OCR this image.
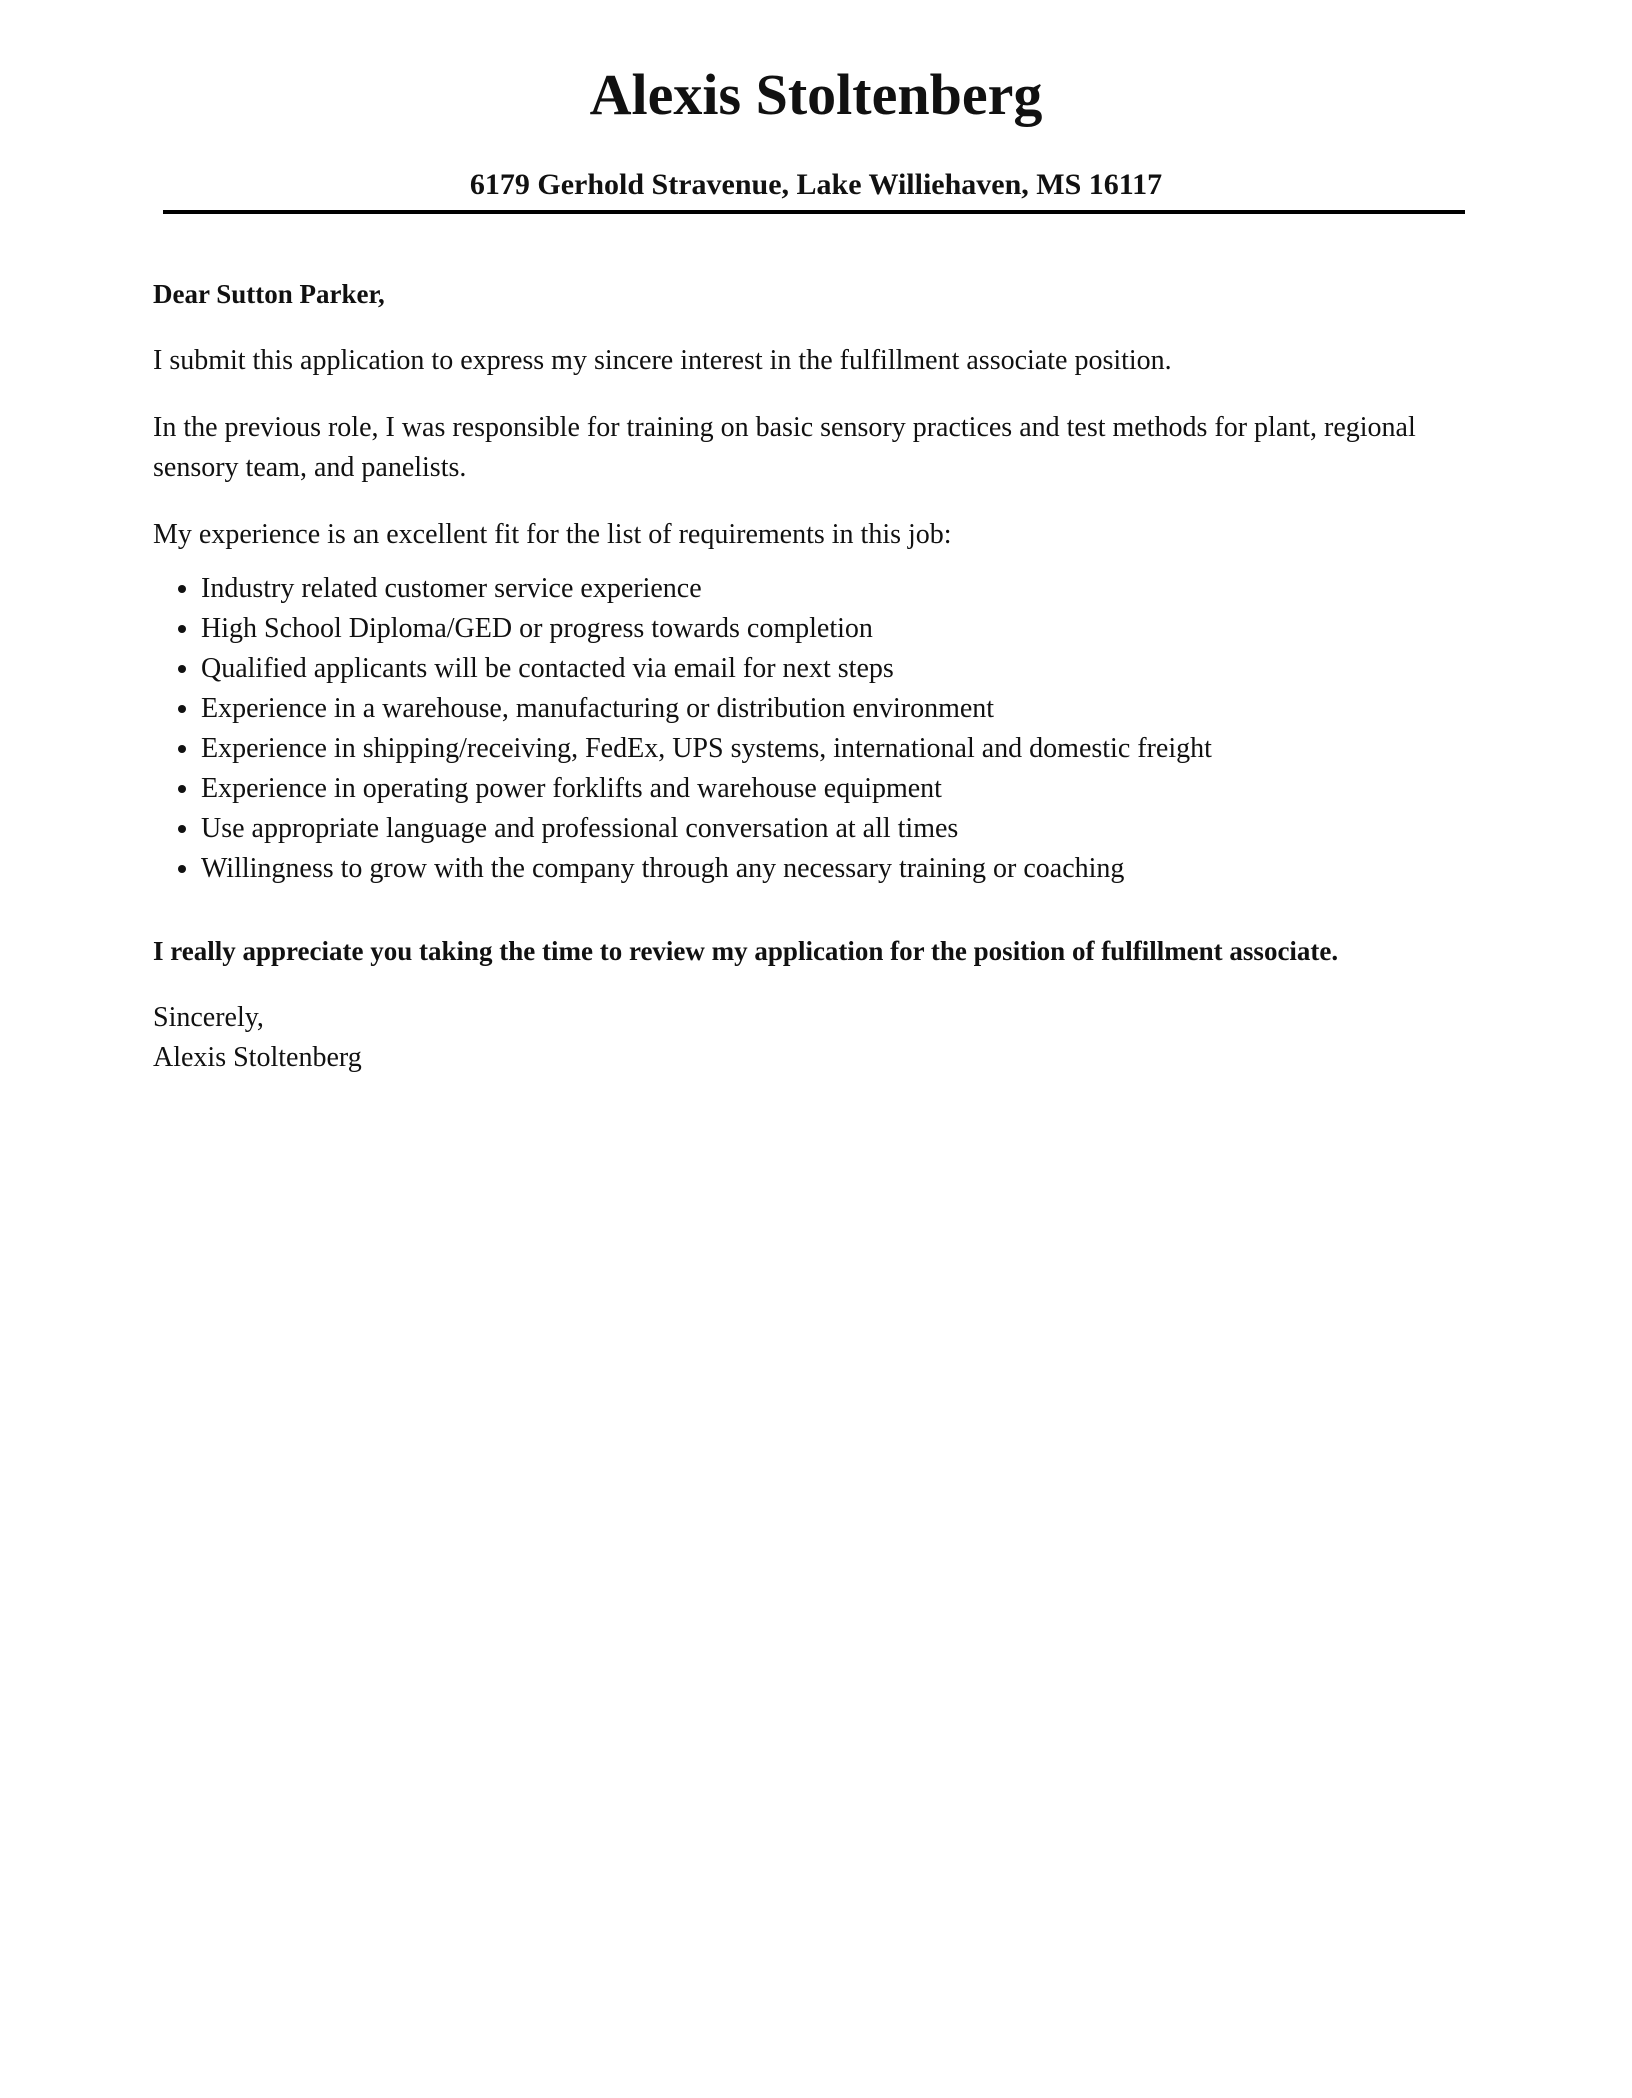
Alexis Stoltenberg
6179 Gerhold Stravenue, Lake Williehaven, MS 16117

Dear Sutton Parker,

I submit this application to express my sincere interest in the fulfillment associate position.

In the previous role, I was responsible for training on basic sensory practices and test methods for plant, regional sensory team, and panelists.

My experience is an excellent fit for the list of requirements in this job:

• Industry related customer service experience
• High School Diploma/GED or progress towards completion
• Qualified applicants will be contacted via email for next steps
• Experience in a warehouse, manufacturing or distribution environment
• Experience in shipping/receiving, FedEx, UPS systems, international and domestic freight
• Experience in operating power forklifts and warehouse equipment
• Use appropriate language and professional conversation at all times
• Willingness to grow with the company through any necessary training or coaching

I really appreciate you taking the time to review my application for the position of fulfillment associate.

Sincerely,
Alexis Stoltenberg
